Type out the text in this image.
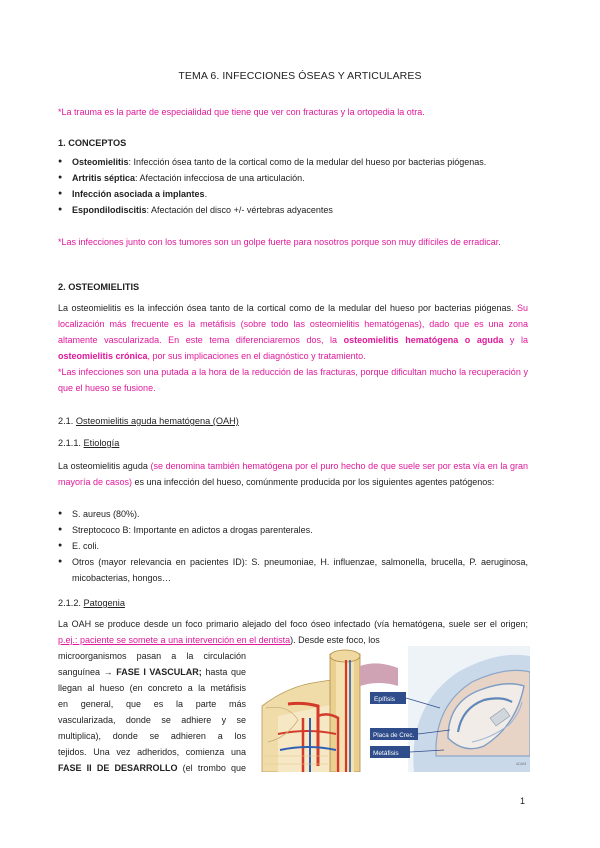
TEMA 6. INFECCIONES ÓSEAS Y ARTICULARES
*La trauma es la parte de especialidad que tiene que ver con fracturas y la ortopedia la otra.
1. CONCEPTOS
● Osteomielitis: Infección ósea tanto de la cortical como de la medular del hueso por bacterias piógenas.
● Artritis séptica: Afectación infecciosa de una articulación.
● Infección asociada a implantes.
● Espondilodiscitis: Afectación del disco +/- vértebras adyacentes
*Las infecciones junto con los tumores son un golpe fuerte para nosotros porque son muy difíciles de erradicar.
2. OSTEOMIELITIS
La osteomielitis es la infección ósea tanto de la cortical como de la medular del hueso por bacterias piógenas. Su localización más frecuente es la metáfisis (sobre todo las osteomielitis hematógenas), dado que es una zona altamente vascularizada. En este tema diferenciaremos dos, la osteomielitis hematógena o aguda y la osteomielitis crónica, por sus implicaciones en el diagnóstico y tratamiento.
*Las infecciones son una putada a la hora de la reducción de las fracturas, porque dificultan mucho la recuperación y que el hueso se fusione.
2.1. Osteomielitis aguda hematógena (OAH)
2.1.1. Etiología
La osteomielitis aguda (se denomina también hematógena por el puro hecho de que suele ser por esta vía en la gran mayoría de casos) es una infección del hueso, comúnmente producida por los siguientes agentes patógenos:
● S. aureus (80%).
● Streptococo B: Importante en adictos a drogas parenterales.
● E. coli.
● Otros (mayor relevancia en pacientes ID): S. pneumoniae, H. influenzae, salmonella, brucella, P. aeruginosa, micobacterias, hongos…
2.1.2. Patogenia
La OAH se produce desde un foco primario alejado del foco óseo infectado (vía hematógena, suele ser el origen; p.ej.: paciente se somete a una intervención en el dentista). Desde este foco, los
microorganismos pasan a la circulación
sanguínea → FASE I VASCULAR; hasta que
llegan al hueso (en concreto a la metáfisis
en general, que es la parte más
vascularizada, donde se adhiere y se
multiplica), donde se adhieren a los
tejidos. Una vez adheridos, comienza una
FASE II DE DESARROLLO (el trombo que	ADAM
Epífisis
Placa de Crec.
Metáfisis
1
